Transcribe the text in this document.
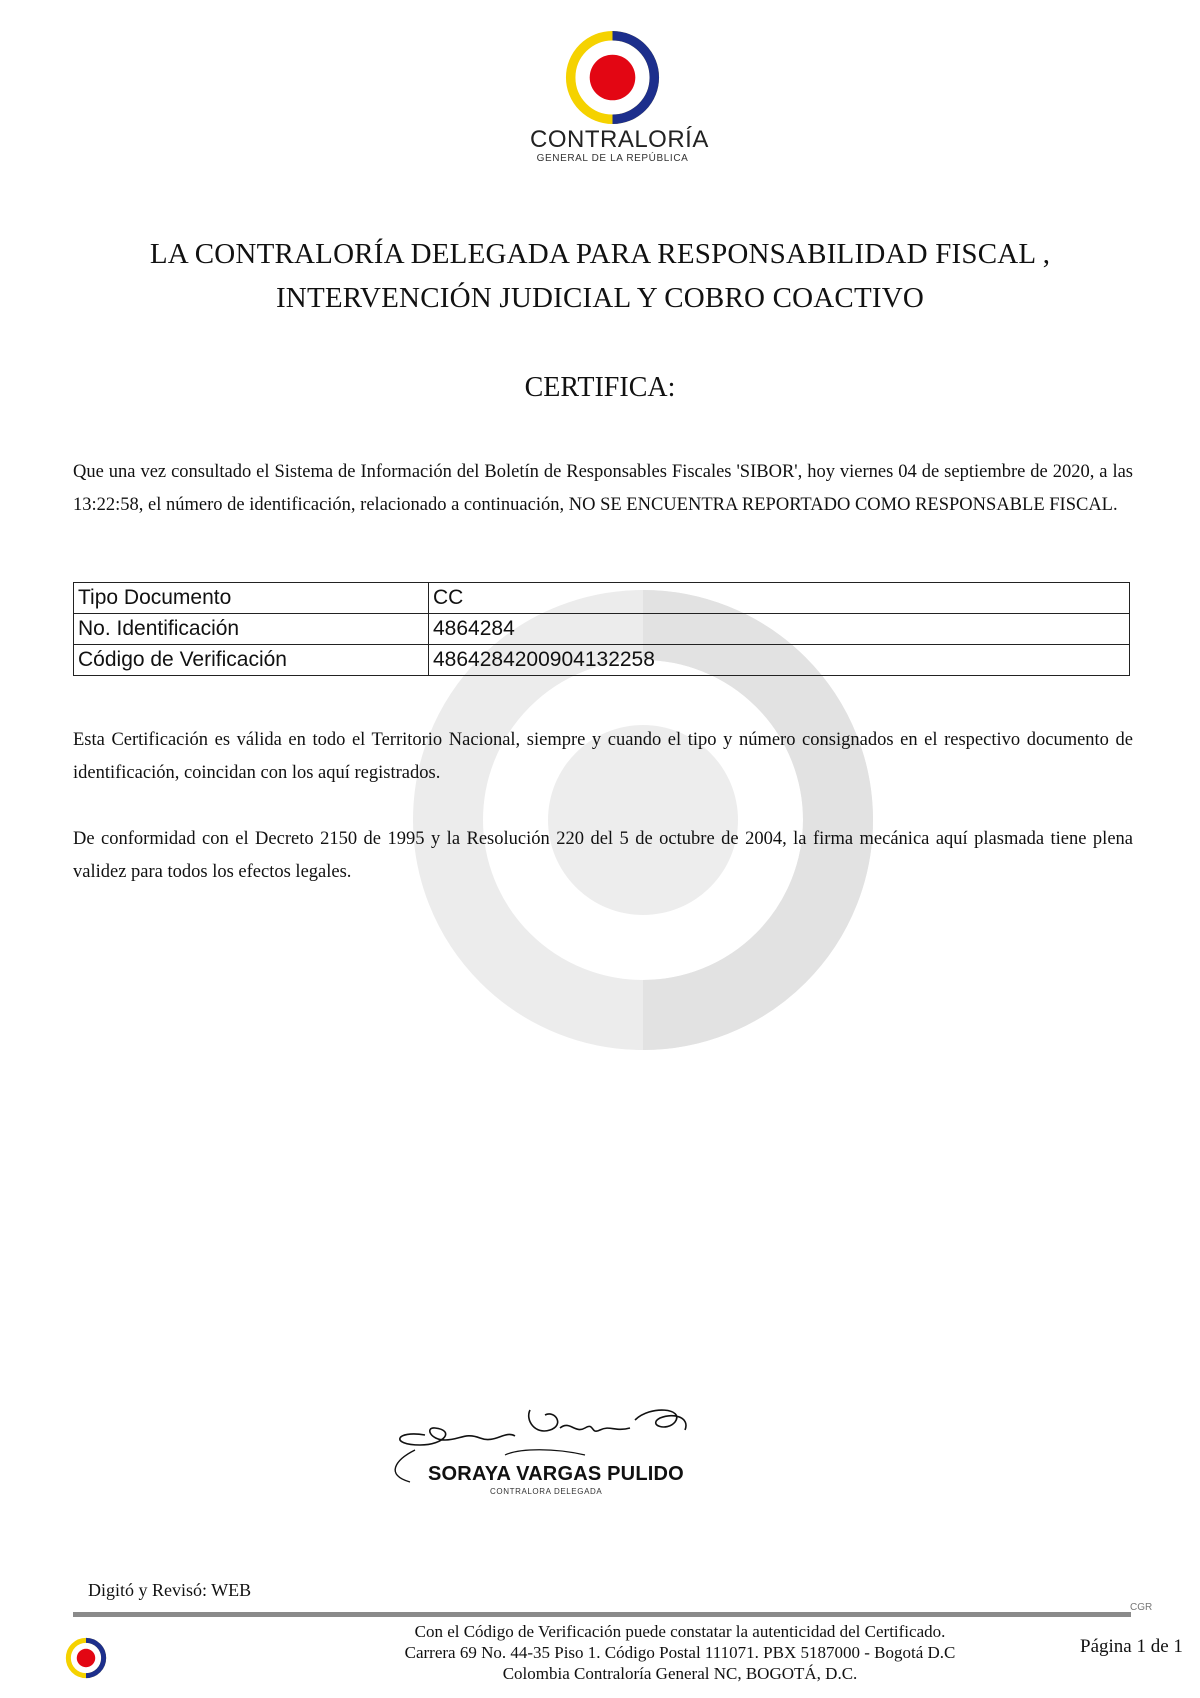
CONTRALORÍA
GENERAL DE LA REPÚBLICA
LA CONTRALORÍA DELEGADA PARA RESPONSABILIDAD FISCAL ,
INTERVENCIÓN JUDICIAL Y COBRO COACTIVO
CERTIFICA:

Que una vez consultado el Sistema de Información del Boletín de Responsables Fiscales 'SIBOR', hoy viernes 04 de septiembre de 2020, a las 13:22:58, el número de identificación, relacionado a continuación, NO SE ENCUENTRA REPORTADO COMO RESPONSABLE FISCAL.

Tipo Documento	CC
No. Identificación	4864284
Código de Verificación	4864284200904132258

Esta Certificación es válida en todo el Territorio Nacional, siempre y cuando el tipo y número consignados en el respectivo documento de identificación, coincidan con los aquí registrados.

De conformidad con el Decreto 2150 de 1995 y la Resolución 220 del 5 de octubre de 2004, la firma mecánica aquí plasmada tiene plena validez para todos los efectos legales.

SORAYA VARGAS PULIDO
CONTRALORA DELEGADA
Digitó y Revisó: WEB
CGR
Con el Código de Verificación puede constatar la autenticidad del Certificado.
Carrera 69 No. 44-35 Piso 1. Código Postal 111071. PBX 5187000 - Bogotá D.C
Colombia Contraloría General NC, BOGOTÁ, D.C.
Página 1 de 1
